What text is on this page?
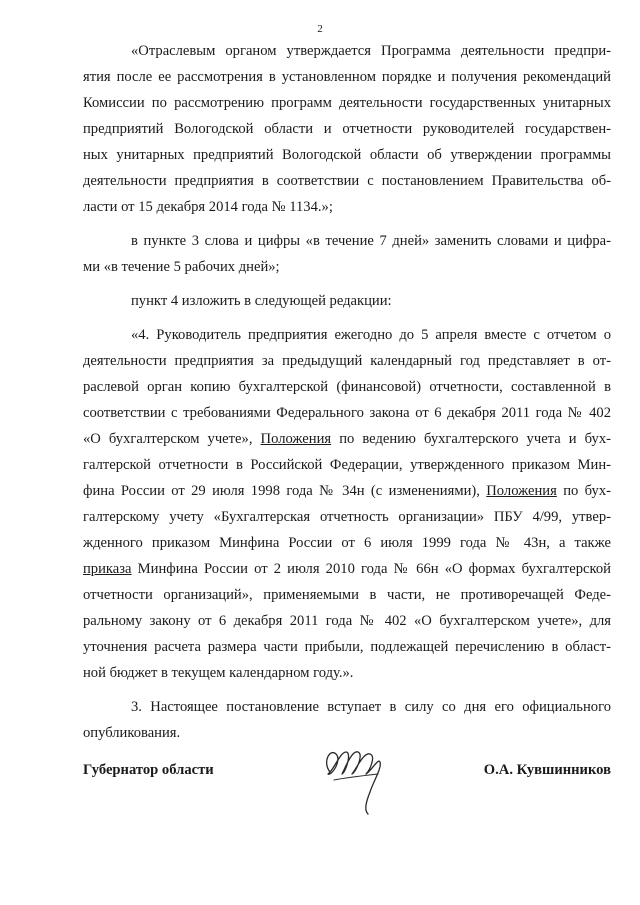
2
«Отраслевым органом утверждается Программа деятельности предпри-
ятия после ее рассмотрения в установленном порядке и получения рекомендаций
Комиссии по рассмотрению программ деятельности государственных унитарных
предприятий Вологодской области и отчетности руководителей государствен-
ных унитарных предприятий Вологодской области об утверждении программы
деятельности предприятия в соответствии с постановлением Правительства об-
ласти от 15 декабря 2014 года № 1134.»;
в пункте 3 слова и цифры «в течение 7 дней» заменить словами и цифра-
ми «в течение 5 рабочих дней»;
пункт 4 изложить в следующей редакции:
«4. Руководитель предприятия ежегодно до 5 апреля вместе с отчетом о
деятельности предприятия за предыдущий календарный год представляет в от-
раслевой орган копию бухгалтерской (финансовой) отчетности, составленной в
соответствии с требованиями Федерального закона от 6 декабря 2011 года № 402
«О бухгалтерском учете», Положения по ведению бухгалтерского учета и бух-
галтерской отчетности в Российской Федерации, утвержденного приказом Мин-
фина России от 29 июля 1998 года № 34н (с изменениями), Положения по бух-
галтерскому учету «Бухгалтерская отчетность организации» ПБУ 4/99, утвер-
жденного приказом Минфина России от 6 июля 1999 года № 43н, а также
приказа Минфина России от 2 июля 2010 года № 66н «О формах бухгалтерской
отчетности организаций», применяемыми в части, не противоречащей Феде-
ральному закону от 6 декабря 2011 года № 402 «О бухгалтерском учете», для
уточнения расчета размера части прибыли, подлежащей перечислению в област-
ной бюджет в текущем календарном году.».
3. Настоящее постановление вступает в силу со дня его официального
опубликования.
Губернатор области	О.А. Кувшинников
